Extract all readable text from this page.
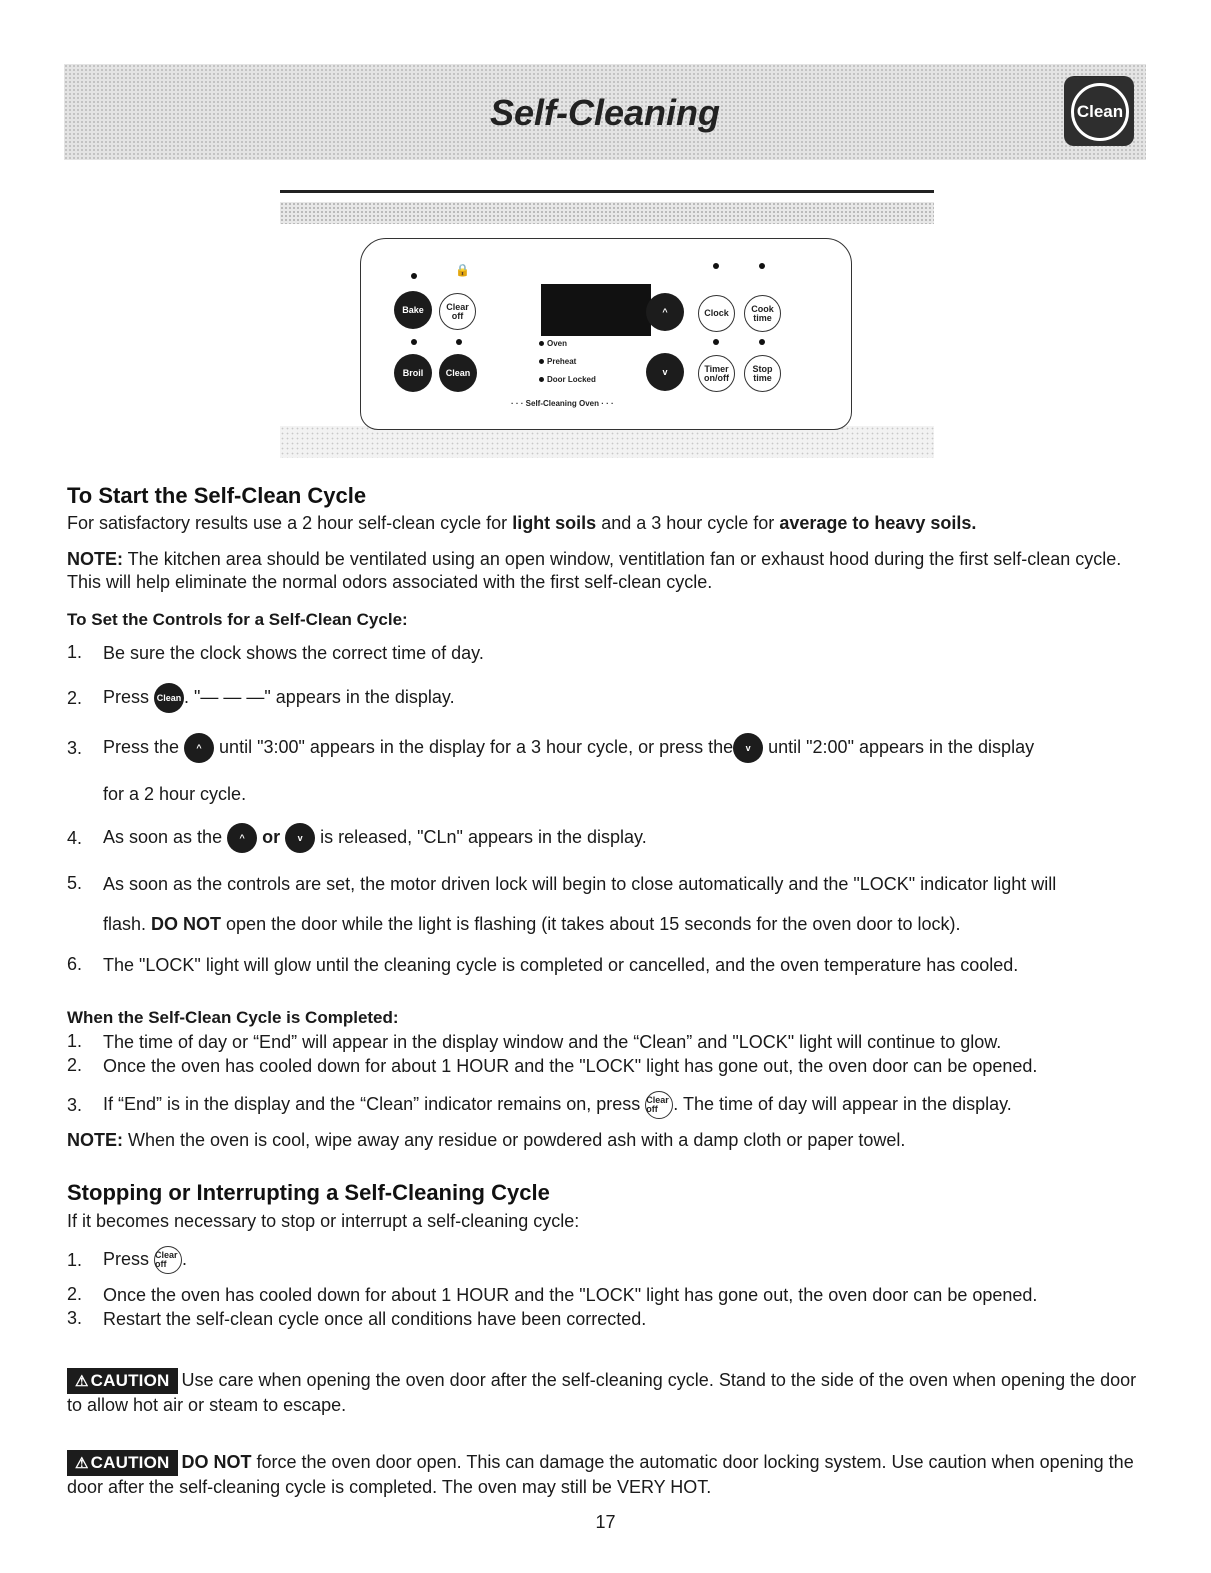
Self-Cleaning	Clean
🔒
Bake	Clear off
Broil	Clean
Oven
Preheat
Door Locked
· · · Self-Cleaning Oven · · ·
^
v
Clock	Cook time
Timer on/off
Stop time
To Start the Self-Clean Cycle
For satisfactory results use a 2 hour self-clean cycle for light soils and a 3 hour cycle for average to heavy soils.
NOTE: The kitchen area should be ventilated using an open window, ventitlation fan or exhaust hood during the first self-clean cycle. This will help eliminate the normal odors associated with the first self-clean cycle.
To Set the Controls for a Self-Clean Cycle:
1. Be sure the clock shows the correct time of day.
2. Press Clean . "— — —" appears in the display.
3. Press the ^ until "3:00" appears in the display for a 3 hour cycle, or press the v until "2:00" appears in the display
for a 2 hour cycle.
4. As soon as the ^ or v is released, "CLn" appears in the display.
5. As soon as the controls are set, the motor driven lock will begin to close automatically and the "LOCK" indicator light will
flash. DO NOT open the door while the light is flashing (it takes about 15 seconds for the oven door to lock).
6. The "LOCK" light will glow until the cleaning cycle is completed or cancelled, and the oven temperature has cooled.
When the Self-Clean Cycle is Completed:
1. The time of day or “End” will appear in the display window and the “Clean” and "LOCK" light will continue to glow.
2. Once the oven has cooled down for about 1 HOUR and the "LOCK" light has gone out, the oven door can be opened.
3. If “End” is in the display and the “Clean” indicator remains on, press Clear off . The time of day will appear in the display.
NOTE: When the oven is cool, wipe away any residue or powdered ash with a damp cloth or paper towel.
Stopping or Interrupting a Self-Cleaning Cycle
If it becomes necessary to stop or interrupt a self-cleaning cycle:
1. Press Clear off .
2. Once the oven has cooled down for about 1 HOUR and the "LOCK" light has gone out, the oven door can be opened.
3. Restart the self-clean cycle once all conditions have been corrected.
⚠ CAUTION Use care when opening the oven door after the self-cleaning cycle. Stand to the side of the oven when opening the door to allow hot air or steam to escape.
⚠ CAUTION DO NOT force the oven door open. This can damage the automatic door locking system. Use caution when opening the door after the self-cleaning cycle is completed. The oven may still be VERY HOT.
17
